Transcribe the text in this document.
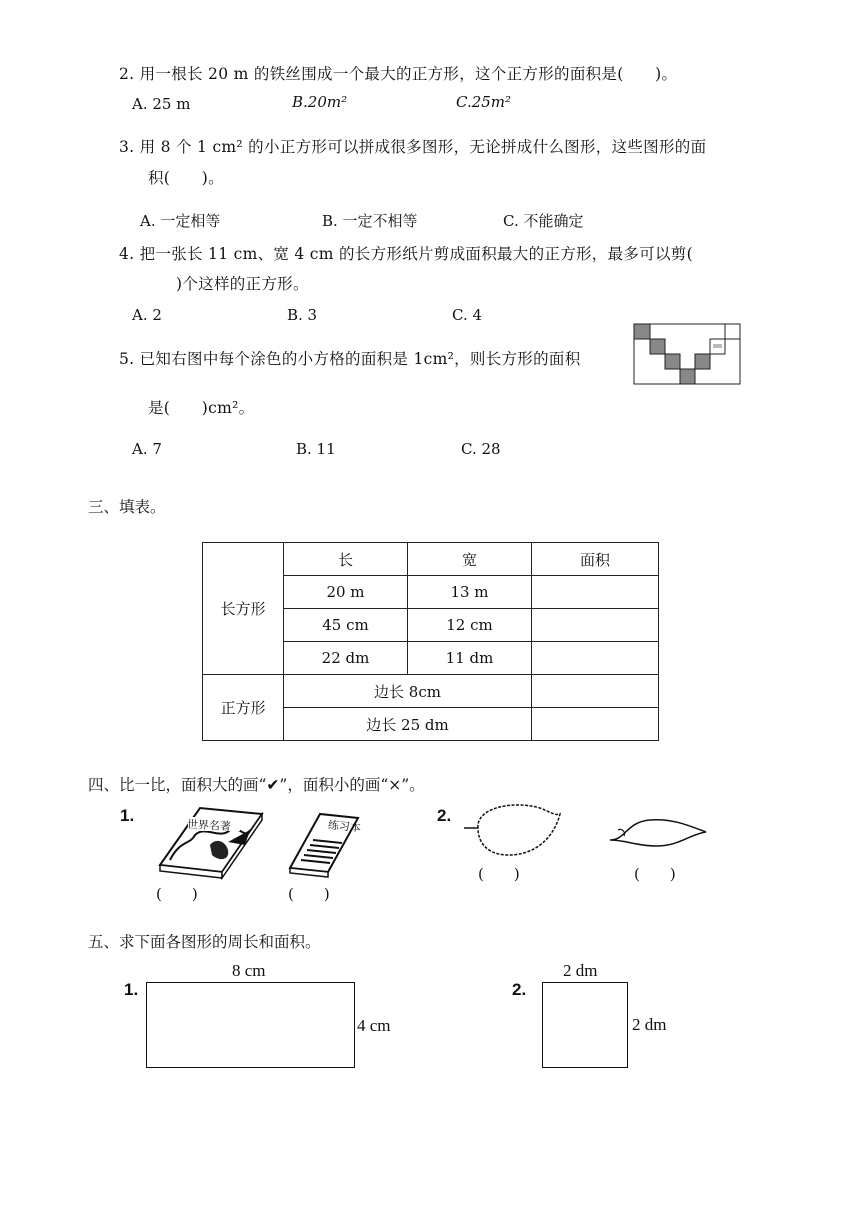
2. 用一根长 20 m 的铁丝围成一个最大的正方形，这个正方形的面积是(　　)。
A. 25 m	B.20m²	C.25m²
3. 用 8 个 1 cm² 的小正方形可以拼成很多图形，无论拼成什么图形，这些图形的面
积(　　)。
A. 一定相等	B. 一定不相等	C. 不能确定
4. 把一张长 11 cm、宽 4 cm 的长方形纸片剪成面积最大的正方形，最多可以剪(
)个这样的正方形。
A. 2	B. 3	C. 4
5. 已知右图中每个涂色的小方格的面积是 1cm²，则长方形的面积
是(　　)cm²。
A. 7	B. 11	C. 28
三、填表。
长方形	长	宽	面积
	20 m	13 m	
	45 cm	12 cm	
	22 dm	11 dm	
正方形	边长 8cm		
	边长 25 dm		
四、比一比，面积大的画“✔”，面积小的画“×”。
1.	2.
世界名著	练习本
(　　)	(　　)
(　　)	(　　)
五、求下面各图形的周长和面积。
1.
8 cm
4 cm
2.
2 dm
2 dm
